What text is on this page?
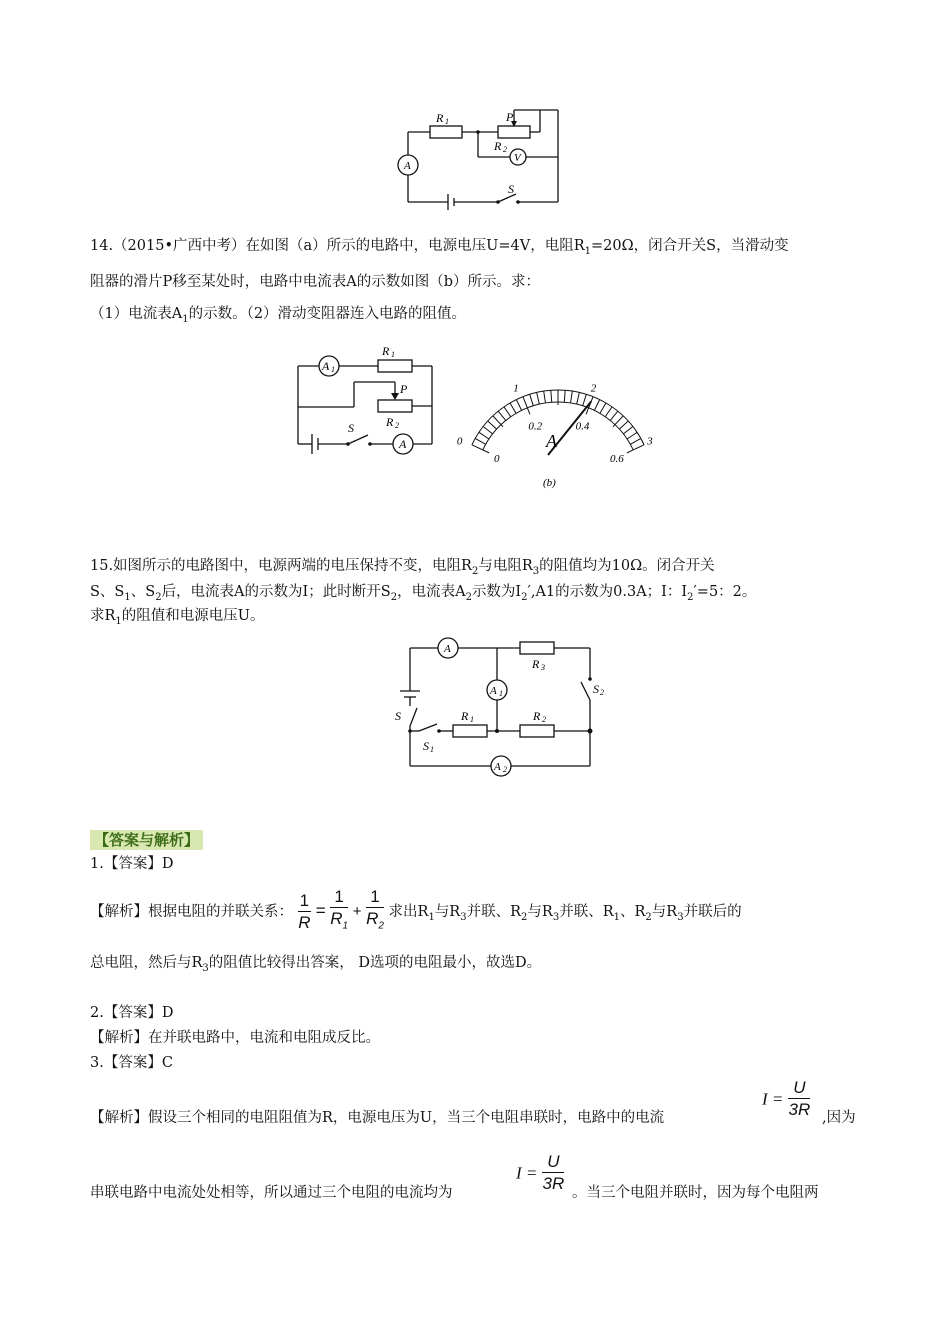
R 1	P
R 2
A
V
S
14.（2015•广西中考）在如图（a）所示的电路中，电源电压U=4V，电阻$R_1=20\Omega$，闭合开关S，当滑动变
阻器的滑片P移至某处时，电路中电流表A的示数如图（b）所示。求：
（1）电流表$A_1$的示数。（2）滑动变阻器连入电路的阻值。
A 1
R 1
P
R 2
S
A	0
1	2
3
0
0.2	0.4
0.6
A
(b)
15.如图所示的电路图中，电源两端的电压保持不变，电阻$R_2$与电阻$R_3$的阻值均为10Ω。闭合开关
S、$S_1$、$S_2$后，电流表A的示数为I；此时断开$S_2$，电流表$A_2$示数为$I_2',A1$的示数为0.3A；I：$I_2'=5$：2。
求$R_1$的阻值和电源电压U。
A
R 3
A 1	S 2
S	R 1	R 2
S 1
A 2
【答案与解析】
1.【答案】D
【解析】根据电阻的并联关系： $\frac{1}{R} = \frac{1}{R_1} + \frac{1}{R_2}$ 求出$R_1$与$R_3$并联、$R_2$与$R_3$并联、$R_1$、$R_2$与$R_3$并联后的
总电阻，然后与$R_3$的阻值比较得出答案， D选项的电阻最小，故选D。
2.【答案】D
【解析】在并联电路中，电流和电阻成反比。
3.【答案】C
【解析】假设三个相同的电阻阻值为R，电源电压为U，当三个电阻串联时，电路中的电流
$I = \frac{U}{3R}$ ,因为
串联电路中电流处处相等，所以通过三个电阻的电流均为
$I = \frac{U}{3R}$ 。当三个电阻并联时，因为每个电阻两
